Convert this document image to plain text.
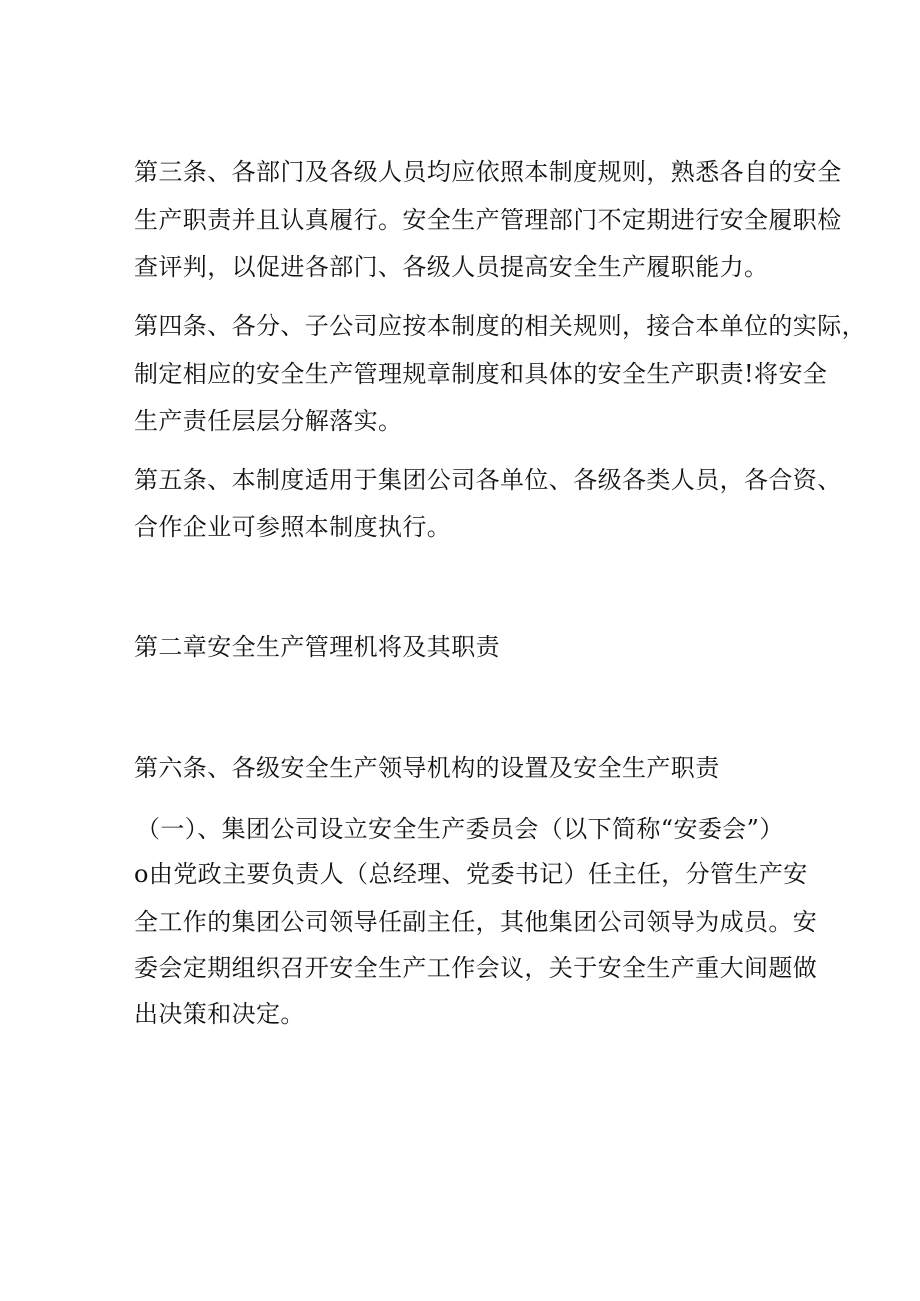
第三条、各部门及各级人员均应依照本制度规则，熟悉各自的安全

生产职责并且认真履行。安全生产管理部门不定期进行安全履职检

查评判，以促进各部门、各级人员提高安全生产履职能力。

第四条、各分、子公司应按本制度的相关规则，接合本单位的实际，

制定相应的安全生产管理规章制度和具体的安全生产职责!将安全

生产责任层层分解落实。

第五条、本制度适用于集团公司各单位、各级各类人员，各合资、

合作企业可参照本制度执行。

第二章安全生产管理机将及其职责

第六条、各级安全生产领导机构的设置及安全生产职责

（一）、集团公司设立安全生产委员会（以下简称“安委会”）

o由党政主要负责人（总经理、党委书记）任主任，分管生产安

全工作的集团公司领导任副主任，其他集团公司领导为成员。安

委会定期组织召开安全生产工作会议，关于安全生产重大间题做

出决策和决定。
